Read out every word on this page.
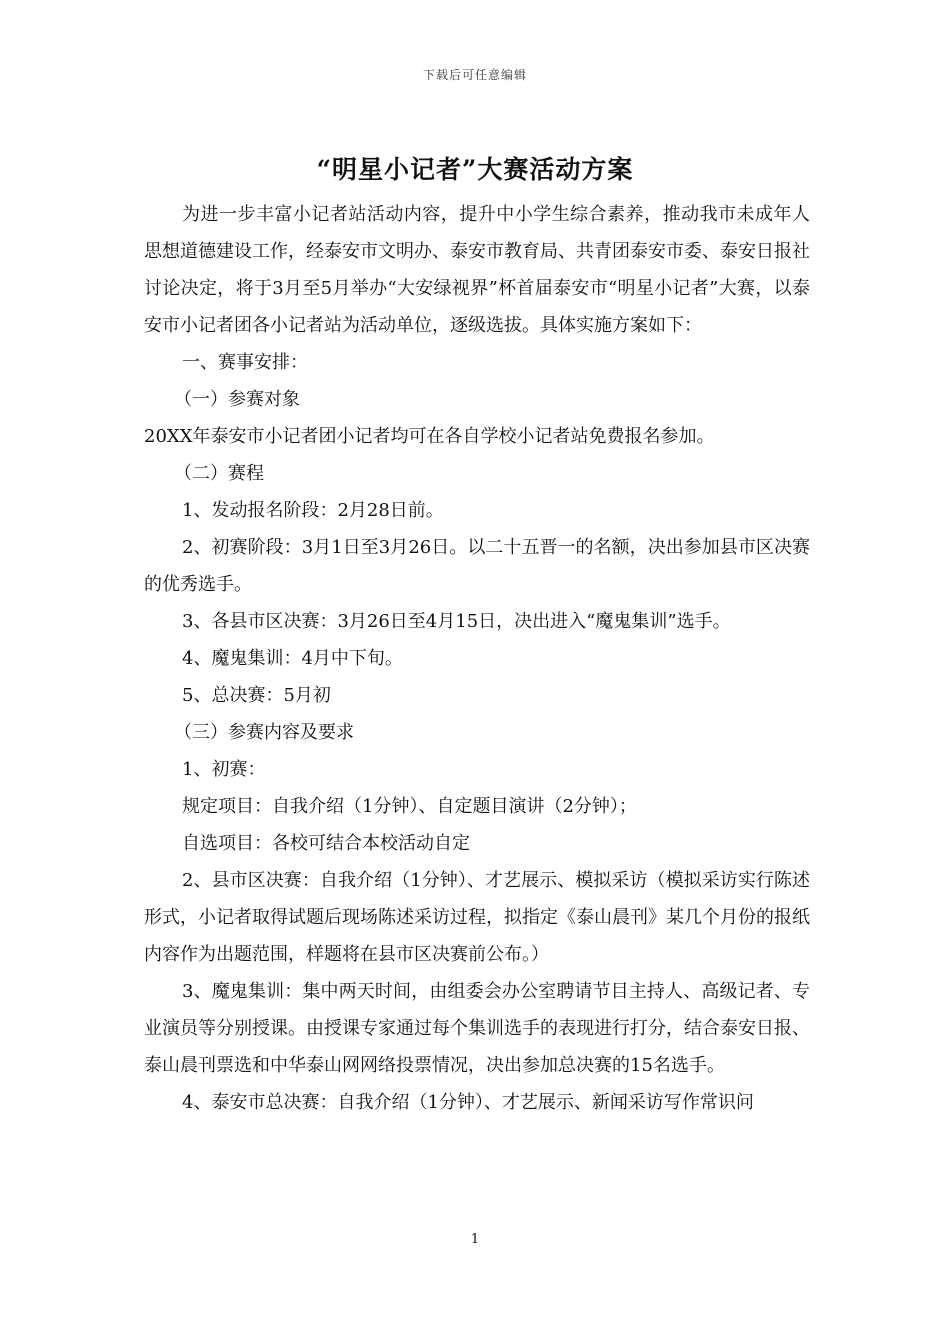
下载后可任意编辑
“明星小记者”大赛活动方案

为进一步丰富小记者站活动内容，提升中小学生综合素养，推动我市未成年人思想道德建设工作，经泰安市文明办、泰安市教育局、共青团泰安市委、泰安日报社讨论决定，将于3月至5月举办“大安绿视界”杯首届泰安市“明星小记者”大赛，以泰安市小记者团各小记者站为活动单位，逐级选拔。具体实施方案如下：

一、赛事安排：

（一）参赛对象

20XX年泰安市小记者团小记者均可在各自学校小记者站免费报名参加。

（二）赛程

1、发动报名阶段：2月28日前。

2、初赛阶段：3月1日至3月26日。以二十五晋一的名额，决出参加县市区决赛的优秀选手。

3、各县市区决赛：3月26日至4月15日，决出进入“魔鬼集训”选手。

4、魔鬼集训：4月中下旬。

5、总决赛：5月初

（三）参赛内容及要求

1、初赛：

规定项目：自我介绍（1分钟）、自定题目演讲（2分钟）；

自选项目：各校可结合本校活动自定

2、县市区决赛：自我介绍（1分钟）、才艺展示、模拟采访（模拟采访实行陈述形式，小记者取得试题后现场陈述采访过程，拟指定《泰山晨刊》某几个月份的报纸内容作为出题范围，样题将在县市区决赛前公布。）

3、魔鬼集训：集中两天时间，由组委会办公室聘请节目主持人、高级记者、专业演员等分别授课。由授课专家通过每个集训选手的表现进行打分，结合泰安日报、泰山晨刊票选和中华泰山网网络投票情况，决出参加总决赛的15名选手。

4、泰安市总决赛：自我介绍（1分钟）、才艺展示、新闻采访写作常识问

1
